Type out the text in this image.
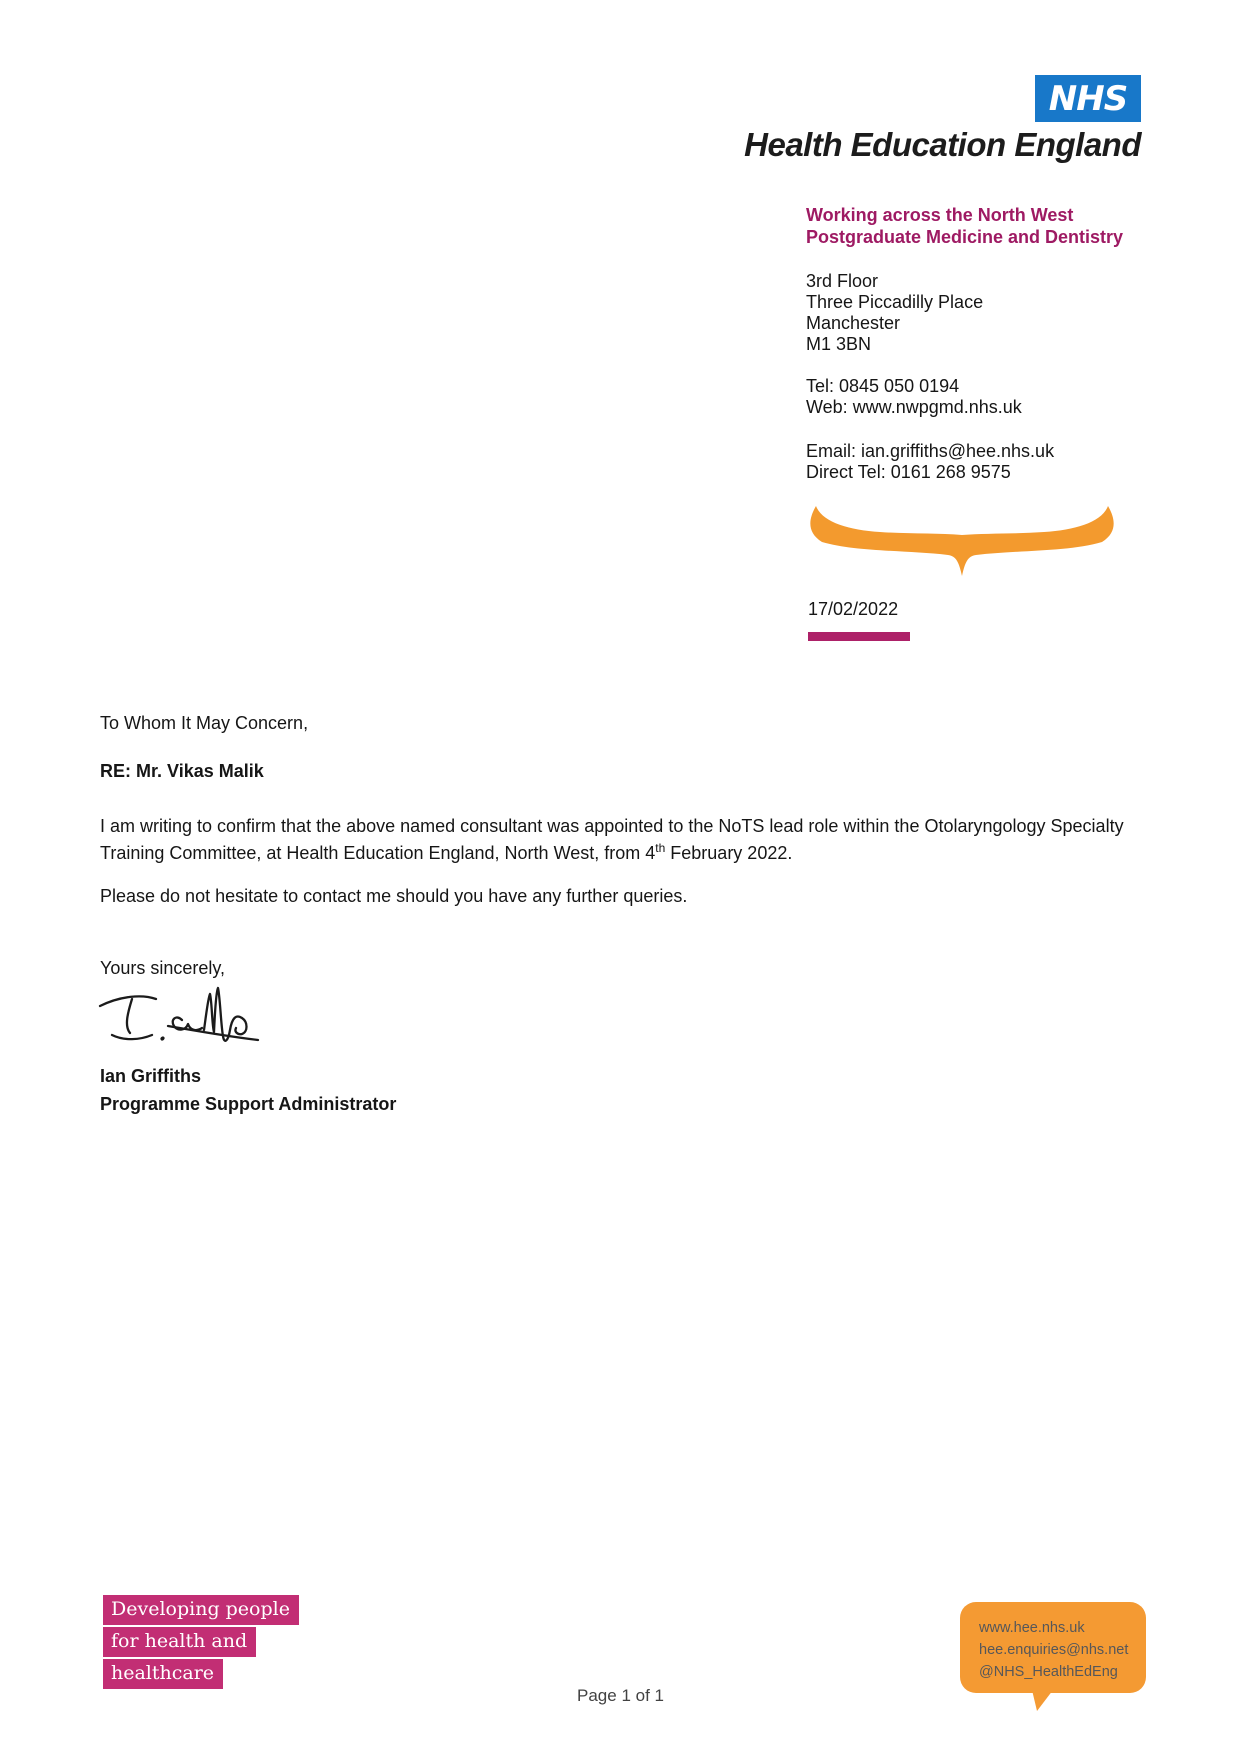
NHS
Health Education England
Working across the North West
Postgraduate Medicine and Dentistry
3rd Floor
Three Piccadilly Place
Manchester
M1 3BN
Tel: 0845 050 0194
Web: www.nwpgmd.nhs.uk
Email: ian.griffiths@hee.nhs.uk
Direct Tel: 0161 268 9575
17/02/2022
To Whom It May Concern,
RE: Mr. Vikas Malik
I am writing to confirm that the above named consultant was appointed to the NoTS lead role within the Otolaryngology Specialty Training Committee, at Health Education England, North West, from 4th February 2022.
Please do not hesitate to contact me should you have any further queries.
Yours sincerely,
Ian Griffiths
Programme Support Administrator
Developing people
for health and
healthcare
www.hee.nhs.uk
hee.enquiries@nhs.net
@NHS_HealthEdEng
Page 1 of 1
